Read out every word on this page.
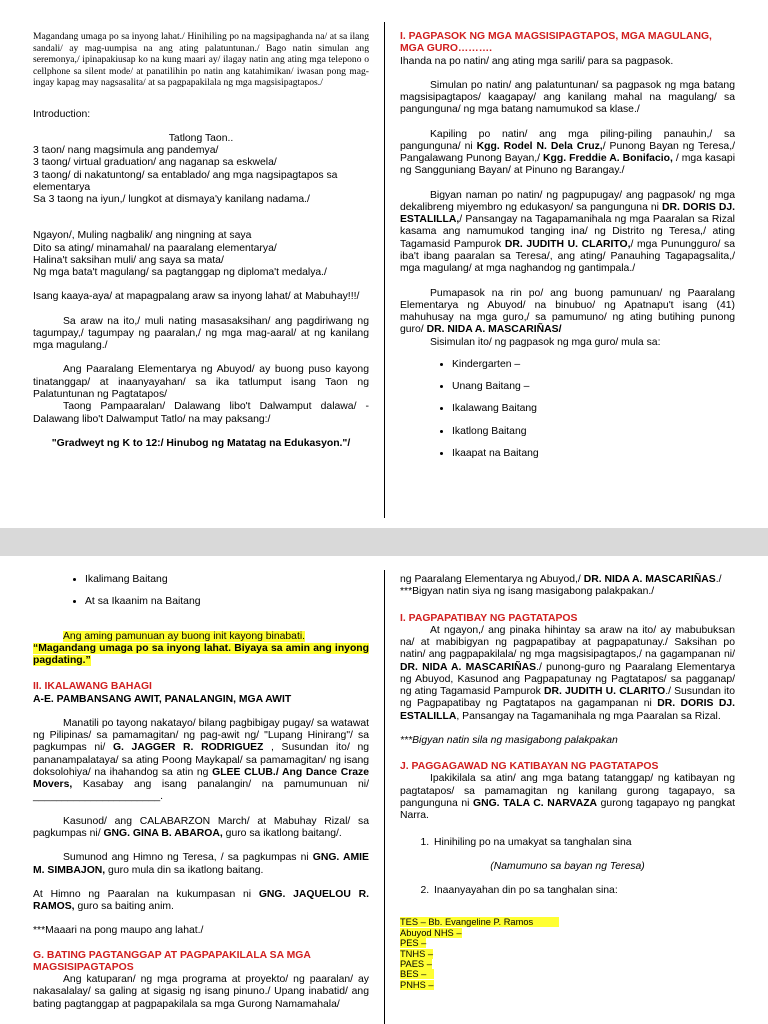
Magandang umaga po sa inyong lahat./ Hinihiling po na magsipaghanda na/ at sa ilang sandali/ ay mag-uumpisa na ang ating palatuntunan./ Bago natin simulan ang seremonya,/ ipinapakiusap ko na kung maari ay/ ilagay natin ang ating mga telepono o cellphone sa silent mode/ at panatilihin po natin ang katahimikan/ iwasan pong mag-ingay kapag may nagsasalita/ at sa pagpapakilala ng mga magsisipagtapos./

Introduction:

Tatlong Taon..

3 taon/ nang magsimula ang pandemya/

3 taong/ virtual graduation/ ang naganap sa eskwela/

3 taong/ di nakatuntong/ sa entablado/ ang mga nagsipagtapos sa elementarya

Sa 3 taong na iyun,/ lungkot at dismaya'y kanilang nadama./

Ngayon/, Muling nagbalik/ ang ningning at saya

Dito sa ating/ minamahal/ na paaralang elementarya/

Halina't saksihan muli/ ang saya sa mata/

Ng mga bata't magulang/ sa pagtanggap ng diploma't medalya./

Isang kaaya-aya/ at mapagpalang araw sa inyong lahat/ at Mabuhay!!!/

Sa araw na ito,/ muli nating masasaksihan/ ang pagdiriwang ng tagumpay,/ tagumpay ng paaralan,/ ng mga mag-aaral/ at ng kanilang mga magulang./

Ang Paaralang Elementarya ng Abuyod/ ay buong puso kayong tinatanggap/ at inaanyayahan/ sa ika tatlumput isang Taon ng Palatuntunan ng Pagtatapos/

Taong Pampaaralan/ Dalawang libo't Dalwamput dalawa/ - Dalawang libo't Dalwamput Tatlo/ na may paksang:/

"Gradweyt ng K to 12:/ Hinubog ng Matatag na Edukasyon."/

I. PAGPASOK NG MGA MAGSISIPAGTAPOS, MGA MAGULANG, MGA GURO……….

Ihanda na po natin/ ang ating mga sarili/ para sa pagpasok.

Simulan po natin/ ang palatuntunan/ sa pagpasok ng mga batang magsisipagtapos/ kaagapay/ ang kanilang mahal na magulang/ sa pangunguna/ ng mga batang namumukod sa klase./

Kapiling po natin/ ang mga piling-piling panauhin,/ sa pangunguna/ ni Kgg. Rodel N. Dela Cruz,/ Punong Bayan ng Teresa,/ Pangalawang Punong Bayan,/ Kgg. Freddie A. Bonifacio, / mga kasapi ng Sangguniang Bayan/ at Pinuno ng Barangay./

Bigyan naman po natin/ ng pagpupugay/ ang pagpasok/ ng mga dekalibreng miyembro ng edukasyon/ sa pangunguna ni DR. DORIS DJ. ESTALILLA,/ Pansangay na Tagapamanihala ng mga Paaralan sa Rizal kasama ang namumukod tanging ina/ ng Distrito ng Teresa,/ ating Tagamasid Pampurok DR. JUDITH U. CLARITO,/ mga Punungguro/ sa iba't ibang paaralan sa Teresa/, ang ating/ Panauhing Tagapagsalita,/ mga magulang/ at mga naghandog ng gantimpala./

Pumapasok na rin po/ ang buong pamunuan/ ng Paaralang Elementarya ng Abuyod/ na binubuo/ ng Apatnapu't isang (41) mahuhusay na mga guro,/ sa pamumuno/ ng ating butihing punong guro/ DR. NIDA A. MASCARIÑAS/

Sisimulan ito/ ng pagpasok ng mga guro/ mula sa:

• Kindergarten –
• Unang Baitang –
• Ikalawang Baitang
• Ikatlong Baitang
• Ikaapat na Baitang
• Ikalimang Baitang
• At sa Ikaanim na Baitang

Ang aming pamunuan ay buong init kayong binabati.
“Magandang umaga po sa inyong lahat. Biyaya sa amin ang inyong pagdating.”

II. IKALAWANG BAHAGI

A-E. PAMBANSANG AWIT, PANALANGIN, MGA AWIT

Manatili po tayong nakatayo/ bilang pagbibigay pugay/ sa watawat ng Pilipinas/ sa pamamagitan/ ng pag-awit ng/ "Lupang Hinirang"/ sa pagkumpas ni/ G. JAGGER R. RODRIGUEZ , Susundan ito/ ng pananampalataya/ sa ating Poong Maykapal/ sa pamamagitan/ ng isang doksolohiya/ na ihahandog sa atin ng GLEE CLUB./ Ang Dance Craze Movers, Kasabay ang isang panalangin/ na pamumunuan ni/ ______________________.

Kasunod/ ang CALABARZON March/ at Mabuhay Rizal/ sa pagkumpas ni/ GNG. GINA B. ABAROA, guro sa ikatlong baitang/.

Sumunod ang Himno ng Teresa, / sa pagkumpas ni GNG. AMIE M. SIMBAJON, guro mula din sa ikatlong baitang.

At Himno ng Paaralan na kukumpasan ni GNG. JAQUELOU R. RAMOS, guro sa baiting anim.

***Maaari na pong maupo ang lahat./

G. BATING PAGTANGGAP AT PAGPAPAKILALA SA MGA MAGSISIPAGTAPOS

Ang katuparan/ ng mga programa at proyekto/ ng paaralan/ ay nakasalalay/ sa galing at sigasig ng isang pinuno./ Upang inabatid/ ang bating pagtanggap at pagpapakilala sa mga Gurong Namamahala/

ng Paaralang Elementarya ng Abuyod,/ DR. NIDA A. MASCARIÑAS./

***Bigyan natin siya ng isang masigabong palakpakan./

I. PAGPAPATIBAY NG PAGTATAPOS

At ngayon,/ ang pinaka hihintay sa araw na ito/ ay mabubuksan na/ at mabibigyan ng pagpapatibay at pagpapatunay./ Saksihan po natin/ ang pagpapakilala/ ng mga magsisipagtapos,/ na gagampanan ni/ DR. NIDA A. MASCARIÑAS./ punong-guro ng Paaralang Elementarya ng Abuyod, Kasunod ang Pagpapatunay ng Pagtatapos/ sa pagganap/ ng ating Tagamasid Pampurok DR. JUDITH U. CLARITO./ Susundan ito ng Pagpapatibay ng Pagtatapos na gagampanan ni DR. DORIS DJ. ESTALILLA, Pansangay na Tagamanihala ng mga Paaralan sa Rizal.

***Bigyan natin sila ng masigabong palakpakan

J. PAGGAGAWAD NG KATIBAYAN NG PAGTATAPOS

Ipakikilala sa atin/ ang mga batang tatanggap/ ng katibayan ng pagtatapos/ sa pamamagitan ng kanilang gurong tagapayo, sa pangunguna ni GNG. TALA C. NARVAZA gurong tagapayo ng pangkat Narra.

1. Hinihiling po na umakyat sa tanghalan sina

(Namumuno sa bayan ng Teresa)

2. Inaanyayahan din po sa tanghalan sina:
TES – Bb. Evangeline P. Ramos
Abuyod NHS –
PES –
TNHS –
PAES –
BES –
PNHS –
